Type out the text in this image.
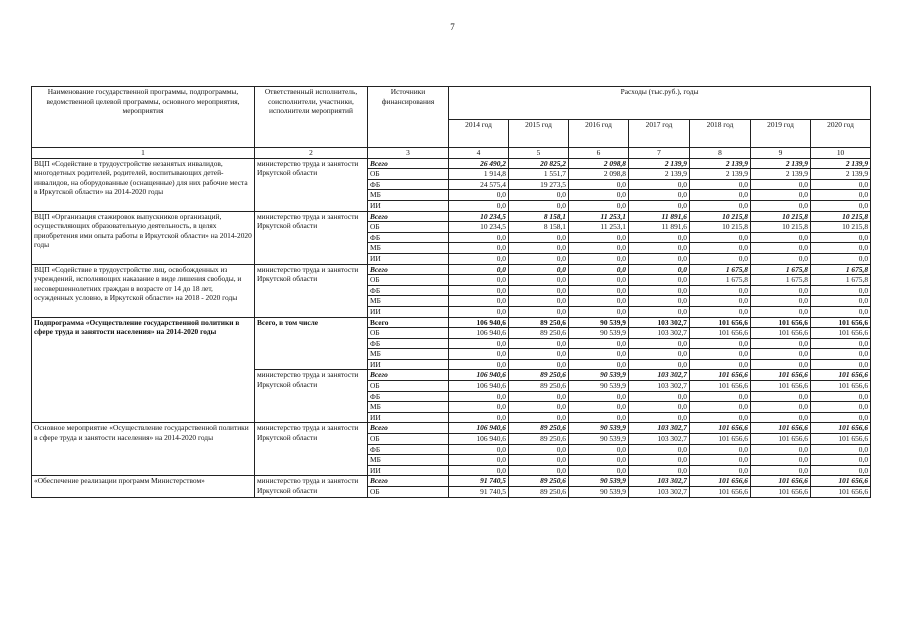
7
Наименование государственной программы, подпрограммы, ведомственной целевой программы, основного мероприятия, мероприятия	Ответственный исполнитель, соисполнители, участники, исполнители мероприятий	Источники финансирования	Расходы (тыс.руб.), годы						
			2014 год	2015 год	2016 год	2017 год	2018 год	2019 год	2020 год
1	2	3	4	5	6	7	8	9	10
ВЦП «Содействие в трудоустройстве незанятых инвалидов, многодетных родителей, родителей, воспитывающих детей-инвалидов, на оборудованные (оснащенные) для них рабочие места в Иркутской области» на 2014-2020 годы	министерство труда и занятости Иркутской области	Всего	26 490,2	20 825,2	2 098,8	2 139,9	2 139,9	2 139,9	2 139,9
		ОБ	1 914,8	1 551,7	2 098,8	2 139,9	2 139,9	2 139,9	2 139,9
		ФБ	24 575,4	19 273,5	0,0	0,0	0,0	0,0	0,0
		МБ	0,0	0,0	0,0	0,0	0,0	0,0	0,0
		ИИ	0,0	0,0	0,0	0,0	0,0	0,0	0,0
ВЦП «Организация стажировок выпускников организаций, осуществляющих образовательную деятельность, в целях приобретения ими опыта работы в Иркутской области» на 2014-2020 годы	министерство труда и занятости Иркутской области	Всего	10 234,5	8 158,1	11 253,1	11 891,6	10 215,8	10 215,8	10 215,8
		ОБ	10 234,5	8 158,1	11 253,1	11 891,6	10 215,8	10 215,8	10 215,8
		ФБ	0,0	0,0	0,0	0,0	0,0	0,0	0,0
		МБ	0,0	0,0	0,0	0,0	0,0	0,0	0,0
		ИИ	0,0	0,0	0,0	0,0	0,0	0,0	0,0
ВЦП «Содействие в трудоустройстве лиц, освобожденных из учреждений, исполняющих наказание в виде лишения свободы, и несовершеннолетних граждан в возрасте от 14 до 18 лет, осужденных условно, в Иркутской области» на 2018 - 2020 годы	министерство труда и занятости Иркутской области	Всего	0,0	0,0	0,0	0,0	1 675,8	1 675,8	1 675,8
		ОБ	0,0	0,0	0,0	0,0	1 675,8	1 675,8	1 675,8
		ФБ	0,0	0,0	0,0	0,0	0,0	0,0	0,0
		МБ	0,0	0,0	0,0	0,0	0,0	0,0	0,0
		ИИ	0,0	0,0	0,0	0,0	0,0	0,0	0,0
Подпрограмма «Осуществление государственной политики в сфере труда и занятости населения» на 2014-2020 годы	Всего, в том числе	Всего	106 940,6	89 250,6	90 539,9	103 302,7	101 656,6	101 656,6	101 656,6
		ОБ	106 940,6	89 250,6	90 539,9	103 302,7	101 656,6	101 656,6	101 656,6
		ФБ	0,0	0,0	0,0	0,0	0,0	0,0	0,0
		МБ	0,0	0,0	0,0	0,0	0,0	0,0	0,0
		ИИ	0,0	0,0	0,0	0,0	0,0	0,0	0,0
	министерство труда и занятости Иркутской области	Всего	106 940,6	89 250,6	90 539,9	103 302,7	101 656,6	101 656,6	101 656,6
		ОБ	106 940,6	89 250,6	90 539,9	103 302,7	101 656,6	101 656,6	101 656,6
		ФБ	0,0	0,0	0,0	0,0	0,0	0,0	0,0
		МБ	0,0	0,0	0,0	0,0	0,0	0,0	0,0
		ИИ	0,0	0,0	0,0	0,0	0,0	0,0	0,0
Основное мероприятие «Осуществление государственной политики в сфере труда и занятости населения» на 2014-2020 годы	министерство труда и занятости Иркутской области	Всего	106 940,6	89 250,6	90 539,9	103 302,7	101 656,6	101 656,6	101 656,6
		ОБ	106 940,6	89 250,6	90 539,9	103 302,7	101 656,6	101 656,6	101 656,6
		ФБ	0,0	0,0	0,0	0,0	0,0	0,0	0,0
		МБ	0,0	0,0	0,0	0,0	0,0	0,0	0,0
		ИИ	0,0	0,0	0,0	0,0	0,0	0,0	0,0
«Обеспечение реализации программ Министерством»	министерство труда и занятости Иркутской области	Всего	91 740,5	89 250,6	90 539,9	103 302,7	101 656,6	101 656,6	101 656,6
		ОБ	91 740,5	89 250,6	90 539,9	103 302,7	101 656,6	101 656,6	101 656,6
